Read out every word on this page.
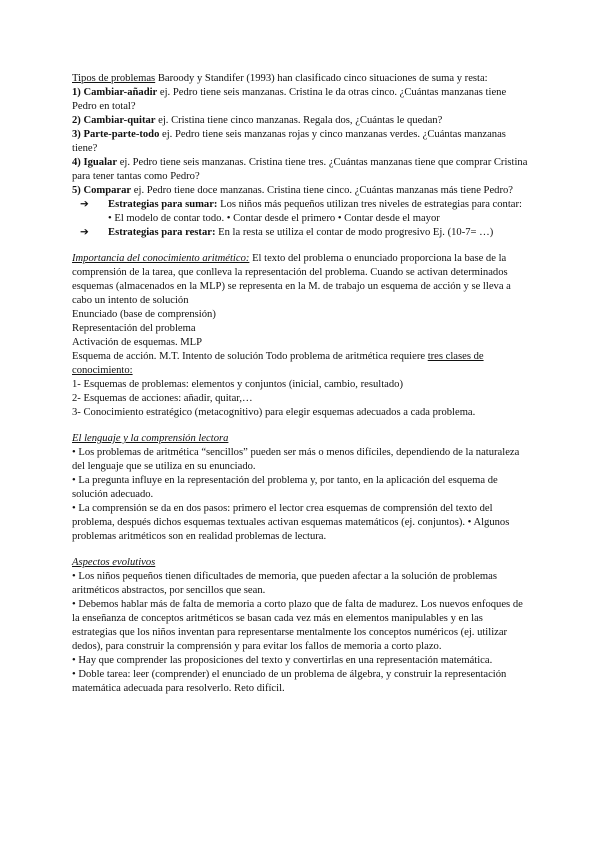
Tipos de problemas Baroody y Standifer (1993) han clasificado cinco situaciones de suma y resta:

1) Cambiar-añadir ej. Pedro tiene seis manzanas. Cristina le da otras cinco. ¿Cuántas manzanas tiene Pedro en total?

2) Cambiar-quitar ej. Cristina tiene cinco manzanas. Regala dos, ¿Cuántas le quedan?

3) Parte-parte-todo ej. Pedro tiene seis manzanas rojas y cinco manzanas verdes. ¿Cuántas manzanas tiene?

4) Igualar ej. Pedro tiene seis manzanas. Cristina tiene tres. ¿Cuántas manzanas tiene que comprar Cristina para tener tantas como Pedro?

5) Comparar ej. Pedro tiene doce manzanas. Cristina tiene cinco. ¿Cuántas manzanas más tiene Pedro?

➔ Estrategias para sumar: Los niños más pequeños utilizan tres niveles de estrategias para contar:
• El modelo de contar todo. • Contar desde el primero • Contar desde el mayor
➔ Estrategias para restar: En la resta se utiliza el contar de modo progresivo Ej. (10-7= …)

Importancia del conocimiento aritmético: El texto del problema o enunciado proporciona la base de la comprensión de la tarea, que conlleva la representación del problema. Cuando se activan determinados esquemas (almacenados en la MLP) se representa en la M. de trabajo un esquema de acción y se lleva a cabo un intento de solución

Enunciado (base de comprensión)

Representación del problema

Activación de esquemas. MLP

Esquema de acción. M.T. Intento de solución Todo problema de aritmética requiere tres clases de conocimiento:

1- Esquemas de problemas: elementos y conjuntos (inicial, cambio, resultado)

2- Esquemas de acciones: añadir, quitar,…

3- Conocimiento estratégico (metacognitivo) para elegir esquemas adecuados a cada problema.

El lenguaje y la comprensión lectora

• Los problemas de aritmética “sencillos” pueden ser más o menos difíciles, dependiendo de la naturaleza del lenguaje que se utiliza en su enunciado.

• La pregunta influye en la representación del problema y, por tanto, en la aplicación del esquema de solución adecuado.

• La comprensión se da en dos pasos: primero el lector crea esquemas de comprensión del texto del problema, después dichos esquemas textuales activan esquemas matemáticos (ej. conjuntos). • Algunos problemas aritméticos son en realidad problemas de lectura.

Aspectos evolutivos

• Los niños pequeños tienen dificultades de memoria, que pueden afectar a la solución de problemas aritméticos abstractos, por sencillos que sean.

• Debemos hablar más de falta de memoria a corto plazo que de falta de madurez. Los nuevos enfoques de la enseñanza de conceptos aritméticos se basan cada vez más en elementos manipulables y en las estrategias que los niños inventan para representarse mentalmente los conceptos numéricos (ej. utilizar dedos), para construir la comprensión y para evitar los fallos de memoria a corto plazo.

• Hay que comprender las proposiciones del texto y convertirlas en una representación matemática.

• Doble tarea: leer (comprender) el enunciado de un problema de álgebra, y construir la representación matemática adecuada para resolverlo. Reto difícil.
